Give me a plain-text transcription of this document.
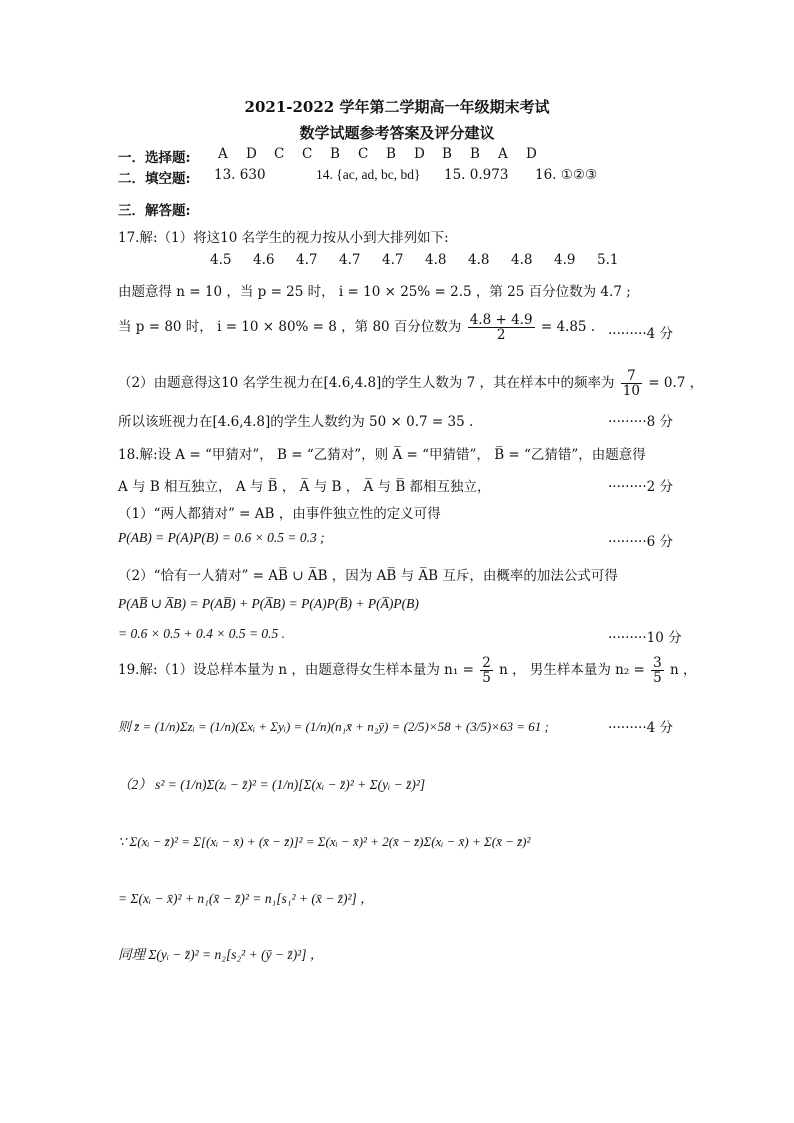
2021-2022 学年第二学期高一年级期末考试
数学试题参考答案及评分建议
一．选择题: A D C C B C B D B B A D
二．填空题: 13. 630	14. {ac, ad, bc, bd} 15. 0.973 16. ①②③
三．解答题:
17.解:（1）将这10 名学生的视力按从小到大排列如下:
4.5 4.6 4.7 4.7 4.7 4.8 4.8 4.8 4.9 5.1
由题意得 n = 10 ，当 p = 25 时， i = 10 × 25% = 2.5 ，第 25 百分位数为 4.7 ;
当 p = 80 时， i = 10 × 80% = 8 ，第 80 百分位数为 $\frac{4.8 + 4.9}{2} = 4.85$ . ·········4 分
（2）由题意得这10 名学生视力在[4.6,4.8]的学生人数为 7 ，其在样本中的频率为 $\frac{7}{10} = 0.7$ ，
所以该班视力在[4.6,4.8]的学生人数约为 50 × 0.7 = 35 .	·········8 分
18.解:设 A = “甲猜对”， B = “乙猜对”，则 A̅ = “甲猜错”， B̅ = “乙猜错”，由题意得
A 与 B 相互独立， A 与 B̅ ， A̅ 与 B ， A̅ 与 B̅ 都相互独立，	·········2 分
（1）“两人都猜对” = AB ，由事件独立性的定义可得
P(AB) = P(A)P(B) = 0.6 × 0.5 = 0.3 ;	·········6 分
（2）“恰有一人猜对” = AB̅ ∪ A̅B ，因为 AB̅ 与 A̅B 互斥，由概率的加法公式可得
P(AB̅ ∪ A̅B) = P(AB̅) + P(A̅B) = P(A)P(B̅) + P(A̅)P(B)
= 0.6 × 0.5 + 0.4 × 0.5 = 0.5 .	·········10 分
19.解:（1）设总样本量为 n ，由题意得女生样本量为 $n_1 = \frac{2}{5}$ n ， 男生样本量为 $n_2 = \frac{3}{5}$ n ，
则 z̄ = (1/n)Σzᵢ = (1/n)(Σxᵢ + Σyᵢ) = (1/n)(n₁x̄ + n₂ȳ) = (2/5)×58 + (3/5)×63 = 61 ;	·········4 分
（2） s² = (1/n)Σ(zᵢ − z̄)² = (1/n)[Σ(xᵢ − z̄)² + Σ(yᵢ − z̄)²]
∵ Σ(xᵢ − z̄)² = Σ[(xᵢ − x̄) + (x̄ − z̄)]² = Σ(xᵢ − x̄)² + 2(x̄ − z̄)Σ(xᵢ − x̄) + Σ(x̄ − z̄)²
= Σ(xᵢ − x̄)² + n₁(x̄ − z̄)² = n₁[s₁² + (x̄ − z̄)²] ，
同理 Σ(yᵢ − z̄)² = n₂[s₂² + (ȳ − z̄)²] ，
